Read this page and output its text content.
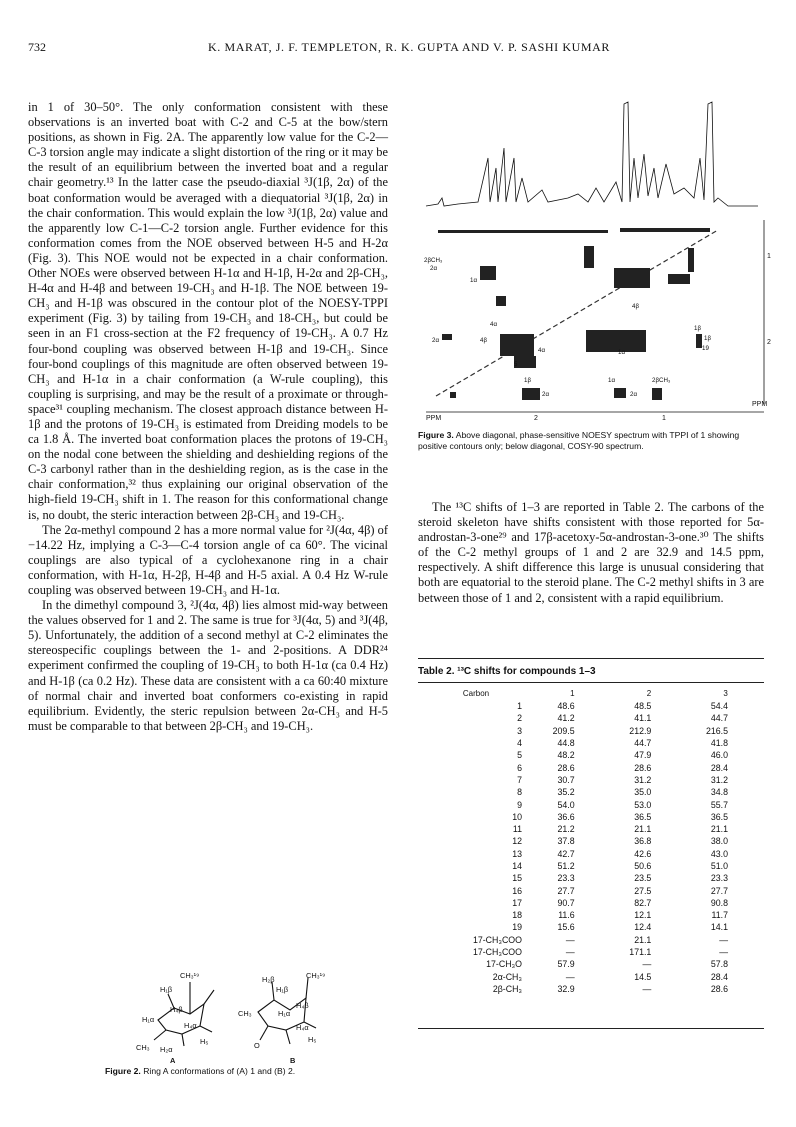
732	K. MARAT, J. F. TEMPLETON, R. K. GUPTA AND V. P. SASHI KUMAR

in 1 of 30–50°. The only conformation consistent with these observations is an inverted boat with C-2 and C-5 at the bow/stern positions, as shown in Fig. 2A. The apparently low value for the C-2—C-3 torsion angle may indicate a slight distortion of the ring or it may be the result of an equilibrium between the inverted boat and a regular chair geometry.¹³ In the latter case the pseudo-diaxial ³J(1β, 2α) of the boat conformation would be averaged with a diequatorial ³J(1β, 2α) in the chair conformation. This would explain the low ³J(1β, 2α) value and the apparently low C-1—C-2 torsion angle. Further evidence for this conformation comes from the NOE observed between H-5 and H-2α (Fig. 3). This NOE would not be expected in a chair conformation. Other NOEs were observed between H-1α and H-1β, H-2α and 2β-CH₃, H-4α and H-4β and between 19-CH₃ and H-1β. The NOE between 19-CH₃ and H-1β was obscured in the contour plot of the NOESY-TPPI experiment (Fig. 3) by tailing from 19-CH₃ and 18-CH₃, but could be seen in an F1 cross-section at the F2 frequency of 19-CH₃. A 0.7 Hz four-bond coupling was observed between H-1β and 19-CH₃. Since four-bond couplings of this magnitude are often observed between 19-CH₃ and H-1α in a chair conformation (a W-rule coupling), this coupling is surprising, and may be the result of a proximate or through-space³¹ coupling mechanism. The closest approach distance between H-1β and the protons of 19-CH₃ is estimated from Dreiding models to be ca 1.8 Å. The inverted boat conformation places the protons of 19-CH₃ on the nodal cone between the shielding and deshielding regions of the C-3 carbonyl rather than in the deshielding region, as is the case in the chair conformation,³² thus explaining our original observation of the high-field 19-CH₃ shift in 1. The reason for this conformational change is, no doubt, the steric interaction between 2β-CH₃ and 19-CH₃.

The 2α-methyl compound 2 has a more normal value for ²J(4α, 4β) of −14.22 Hz, implying a C-3—C-4 torsion angle of ca 60°. The vicinal couplings are also typical of a cyclohexanone ring in a chair conformation, with H-1α, H-2β, H-4β and H-5 axial. A 0.4 Hz W-rule coupling was observed between 19-CH₃ and H-1α.

In the dimethyl compound 3, ²J(4α, 4β) lies almost mid-way between the values observed for 1 and 2. The same is true for ³J(4α, 5) and ³J(4β, 5). Unfortunately, the addition of a second methyl at C-2 eliminates the stereospecific couplings between the 1- and 2-positions. A DDR²⁴ experiment confirmed the coupling of 19-CH₃ to both H-1α (ca 0.4 Hz) and H-1β (ca 0.2 Hz). These data are consistent with a ca 60:40 mixture of normal chair and inverted boat conformers co-existing in rapid equilibrium. Evidently, the steric repulsion between 2α-CH₃ and H-5 must be comparable to that between 2β-CH₃ and 19-CH₃.

CH₃¹⁹
H₁β
H₄β
H₁α
H₄α
H₅
CH₃ H₂α
A
CH₃¹⁹
H₂β
H₁β
H₄β
CH₃	H₁α
H₄α
H₅
O
B
Figure 2. Ring A conformations of (A) 1 and (B) 2.
PPM	2	1
PPM
1
2
2βCH₃
2α
1α
4β
5
4α
1β
19
2α	4β
4α	1α
2βCH₃
2α	2α
1β
1β
1α
Figure 3. Above diagonal, phase-sensitive NOESY spectrum with TPPI of 1 showing positive contours only; below diagonal, COSY-90 spectrum.

The ¹³C shifts of 1–3 are reported in Table 2. The carbons of the steroid skeleton have shifts consistent with those reported for 5α-androstan-3-one²⁹ and 17β-acetoxy-5α-androstan-3-one.³⁰ The shifts of the C-2 methyl groups of 1 and 2 are 32.9 and 14.5 ppm, respectively. A shift difference this large is unusual considering that both are equatorial to the steroid plane. The C-2 methyl shifts in 3 are between those of 1 and 2, consistent with a rapid equilibrium.

Table 2. ¹³C shifts for compounds 1–3
Carbon	1	2	3
1	48.6	48.5	54.4
2	41.2	41.1	44.7
3	209.5	212.9	216.5
4	44.8	44.7	41.8
5	48.2	47.9	46.0
6	28.6	28.6	28.4
7	30.7	31.2	31.2
8	35.2	35.0	34.8
9	54.0	53.0	55.7
10	36.6	36.5	36.5
11	21.2	21.1	21.1
12	37.8	36.8	38.0
13	42.7	42.6	43.0
14	51.2	50.6	51.0
15	23.3	23.5	23.3
16	27.7	27.5	27.7
17	90.7	82.7	90.8
18	11.6	12.1	11.7
19	15.6	12.4	14.1
17-CH₃COO	—	21.1	—
17-CH₃COO	—	171.1	—
17-CH₃O	57.9	—	57.8
2α-CH₃	—	14.5	28.4
2β-CH₃	32.9	—	28.6
